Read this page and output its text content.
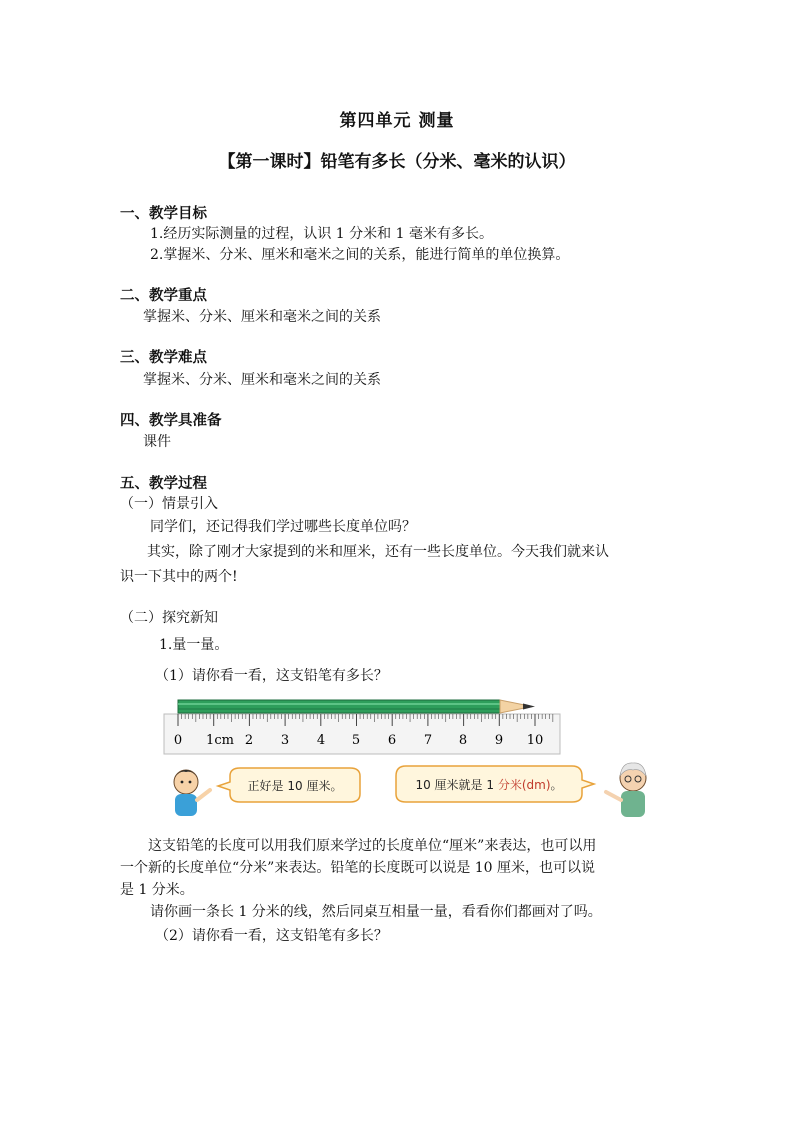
第四单元 测量
【第一课时】铅笔有多长（分米、毫米的认识）
一、教学目标
1.经历实际测量的过程，认识 1 分米和 1 毫米有多长。
2.掌握米、分米、厘米和毫米之间的关系，能进行简单的单位换算。
二、教学重点
掌握米、分米、厘米和毫米之间的关系
三、教学难点
掌握米、分米、厘米和毫米之间的关系
四、教学具准备
课件
五、教学过程
（一）情景引入
同学们，还记得我们学过哪些长度单位吗？
其实，除了刚才大家提到的米和厘米，还有一些长度单位。今天我们就来认
识一下其中的两个!
（二）探究新知
1.量一量。
（1）请你看一看，这支铅笔有多长？
0 1cm 2 3 4 5 6 7 8 9 10
正好是 10 厘米。	10 厘米就是 1 分米(dm)。
这支铅笔的长度可以用我们原来学过的长度单位“厘米”来表达，也可以用
一个新的长度单位“分米”来表达。铅笔的长度既可以说是 10 厘米，也可以说
是 1 分米。
请你画一条长 1 分米的线，然后同桌互相量一量，看看你们都画对了吗。
（2）请你看一看，这支铅笔有多长？
